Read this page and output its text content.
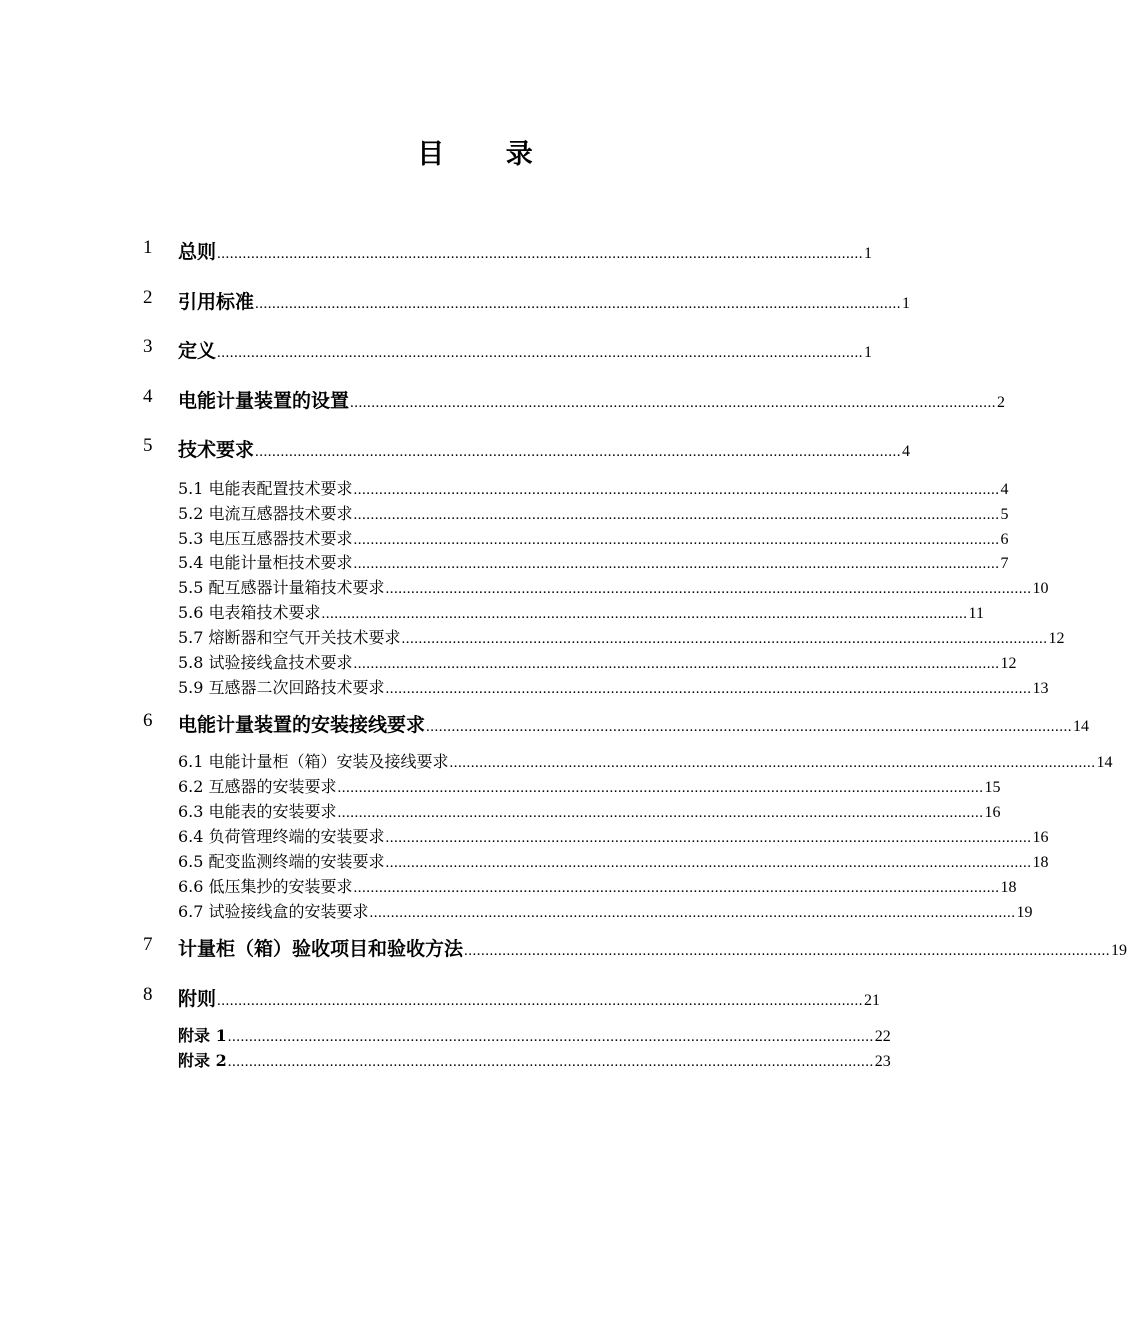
目 录
1 总则 ........................................................................................................................................................ 1
2 引用标准 ........................................................................................................................................................ 1
3 定义 ........................................................................................................................................................ 1
4 电能计量装置的设置 ........................................................................................................................................................ 2
5 技术要求 ........................................................................................................................................................ 4
5.1 电能表配置技术要求 ........................................................................................................................................................ 4
5.2 电流互感器技术要求 ........................................................................................................................................................ 5
5.3 电压互感器技术要求 ........................................................................................................................................................ 6
5.4 电能计量柜技术要求 ........................................................................................................................................................ 7
5.5 配互感器计量箱技术要求 ........................................................................................................................................................ 10
5.6 电表箱技术要求 ........................................................................................................................................................ 11
5.7 熔断器和空气开关技术要求 ........................................................................................................................................................ 12
5.8 试验接线盒技术要求 ........................................................................................................................................................ 12
5.9 互感器二次回路技术要求 ........................................................................................................................................................ 13
6 电能计量装置的安装接线要求 ........................................................................................................................................................ 14
6.1 电能计量柜（箱）安装及接线要求 ........................................................................................................................................................ 14
6.2 互感器的安装要求 ........................................................................................................................................................ 15
6.3 电能表的安装要求 ........................................................................................................................................................ 16
6.4 负荷管理终端的安装要求 ........................................................................................................................................................ 16
6.5 配变监测终端的安装要求 ........................................................................................................................................................ 18
6.6 低压集抄的安装要求 ........................................................................................................................................................ 18
6.7 试验接线盒的安装要求 ........................................................................................................................................................ 19
7 计量柜（箱）验收项目和验收方法 ........................................................................................................................................................ 19
8 附则 ........................................................................................................................................................ 21
附录 1 ........................................................................................................................................................ 22
附录 2 ........................................................................................................................................................ 23
